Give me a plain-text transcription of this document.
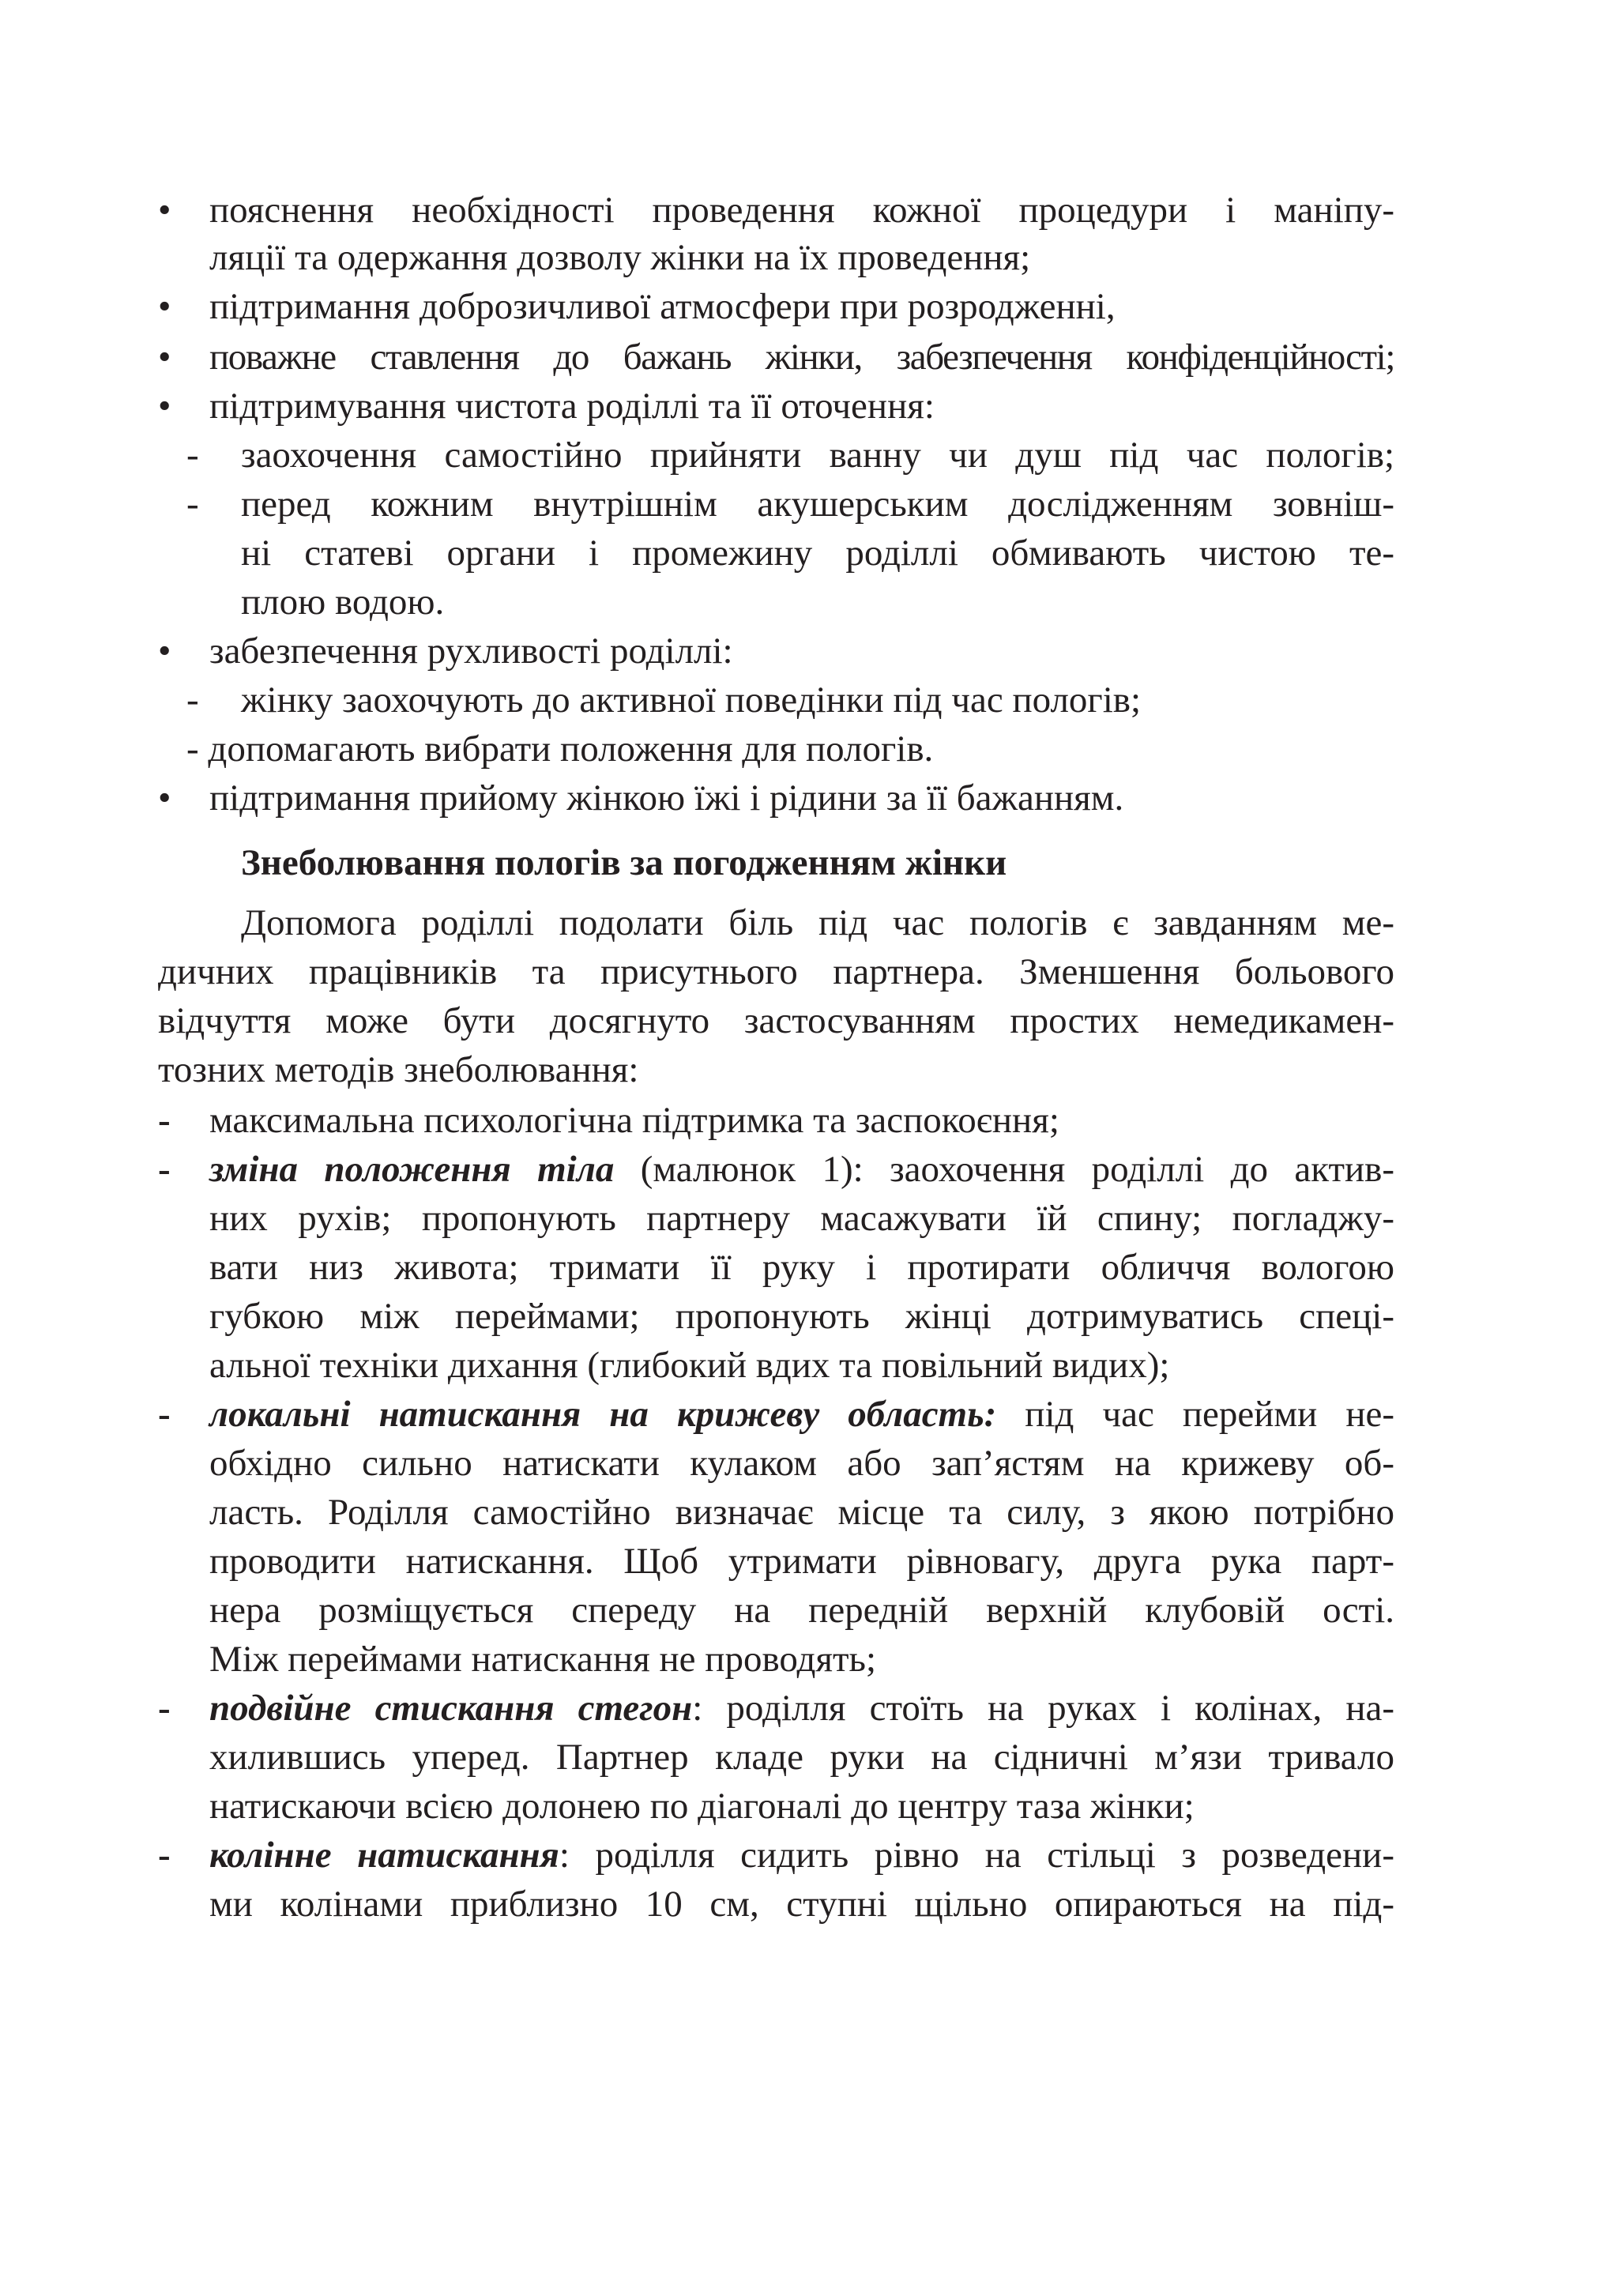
• пояснення необхідності проведення кожної процедури і маніпу-
ляції та одержання дозволу жінки на їх проведення;
• підтримання доброзичливої атмосфери при розродженні,
• поважне ставлення до бажань жінки, забезпечення конфіденційності;
• підтримування чистота роділлі та її оточення:
- заохочення самостійно прийняти ванну чи душ під час пологів;
- перед кожним внутрішнім акушерським дослідженням зовніш-
ні статеві органи і промежину роділлі обмивають чистою те-
плою водою.
• забезпечення рухливості роділлі:
- жінку заохочують до активної поведінки під час пологів;
- допомагають вибрати положення для пологів.
• підтримання прийому жінкою їжі і рідини за її бажанням.
Знеболювання пологів за погодженням жінки
Допомога роділлі подолати біль під час пологів є завданням ме-
дичних працівників та присутнього партнера. Зменшення больового
відчуття може бути досягнуто застосуванням простих немедикамен-
тозних методів знеболювання:
- максимальна психологічна підтримка та заспокоєння;
- зміна положення тіла (малюнок 1): заохочення роділлі до актив-
них рухів; пропонують партнеру масажувати їй спину; погладжу-
вати низ живота; тримати її руку і протирати обличчя вологою
губкою між переймами; пропонують жінці дотримуватись спеці-
альної техніки дихання (глибокий вдих та повільний видих);
- локальні натискання на крижеву область: під час перейми не-
обхідно сильно натискати кулаком або зап’ястям на крижеву об-
ласть. Роділля самостійно визначає місце та силу, з якою потрібно
проводити натискання. Щоб утримати рівновагу, друга рука парт-
нера розміщується спереду на передній верхній клубовій ості.
Між переймами натискання не проводять;
- подвійне стискання стегон: роділля стоїть на руках і колінах, на-
хилившись уперед. Партнер кладе руки на сідничні м’язи тривало
натискаючи всією долонею по діагоналі до центру таза жінки;
- колінне натискання: роділля сидить рівно на стільці з розведени-
ми колінами приблизно 10 см, ступні щільно опираються на під-
